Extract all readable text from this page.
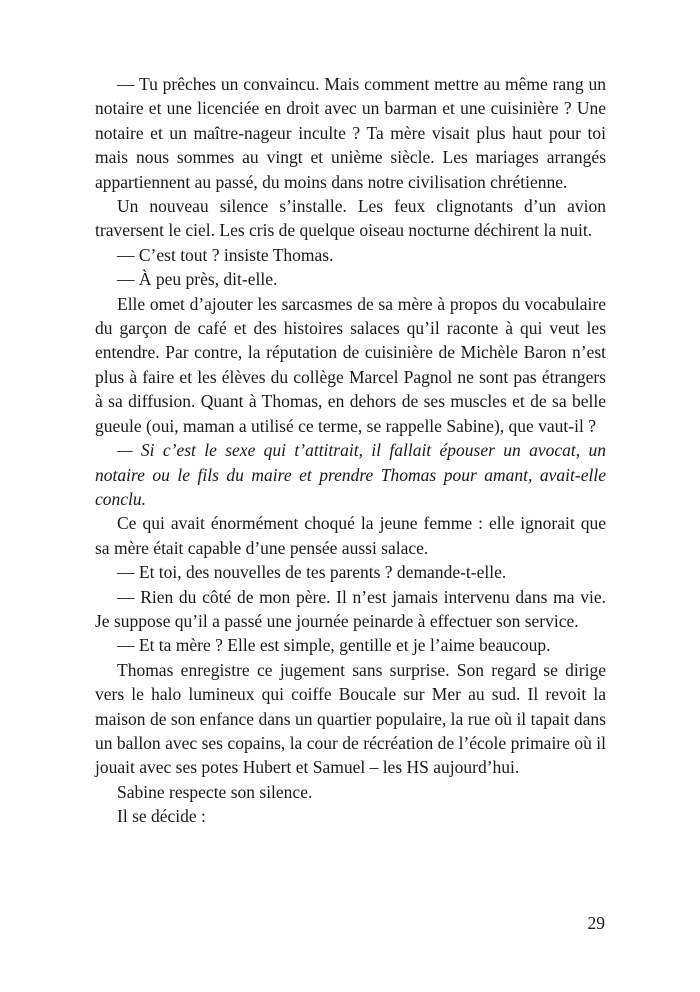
— Tu prêches un convaincu. Mais comment mettre au même rang un notaire et une licenciée en droit avec un barman et une cuisinière ? Une notaire et un maître-nageur inculte ? Ta mère visait plus haut pour toi mais nous sommes au vingt et unième siècle. Les mariages arrangés appartiennent au passé, du moins dans notre civilisation chrétienne.

Un nouveau silence s’installe. Les feux clignotants d’un avion traversent le ciel. Les cris de quelque oiseau nocturne déchirent la nuit.

— C’est tout ? insiste Thomas.

— À peu près, dit-elle.

Elle omet d’ajouter les sarcasmes de sa mère à propos du vocabulaire du garçon de café et des histoires salaces qu’il raconte à qui veut les entendre. Par contre, la réputation de cuisinière de Michèle Baron n’est plus à faire et les élèves du collège Marcel Pagnol ne sont pas étrangers à sa diffusion. Quant à Thomas, en dehors de ses muscles et de sa belle gueule (oui, maman a utilisé ce terme, se rappelle Sabine), que vaut-il ?

— Si c’est le sexe qui t’attitrait, il fallait épouser un avocat, un notaire ou le fils du maire et prendre Thomas pour amant, avait-elle conclu.

Ce qui avait énormément choqué la jeune femme : elle ignorait que sa mère était capable d’une pensée aussi salace.

— Et toi, des nouvelles de tes parents ? demande-t-elle.

— Rien du côté de mon père. Il n’est jamais intervenu dans ma vie. Je suppose qu’il a passé une journée peinarde à effectuer son service.

— Et ta mère ? Elle est simple, gentille et je l’aime beaucoup.

Thomas enregistre ce jugement sans surprise. Son regard se dirige vers le halo lumineux qui coiffe Boucale sur Mer au sud. Il revoit la maison de son enfance dans un quartier populaire, la rue où il tapait dans un ballon avec ses copains, la cour de récréation de l’école primaire où il jouait avec ses potes Hubert et Samuel – les HS aujourd’hui.

Sabine respecte son silence.

Il se décide :

29
